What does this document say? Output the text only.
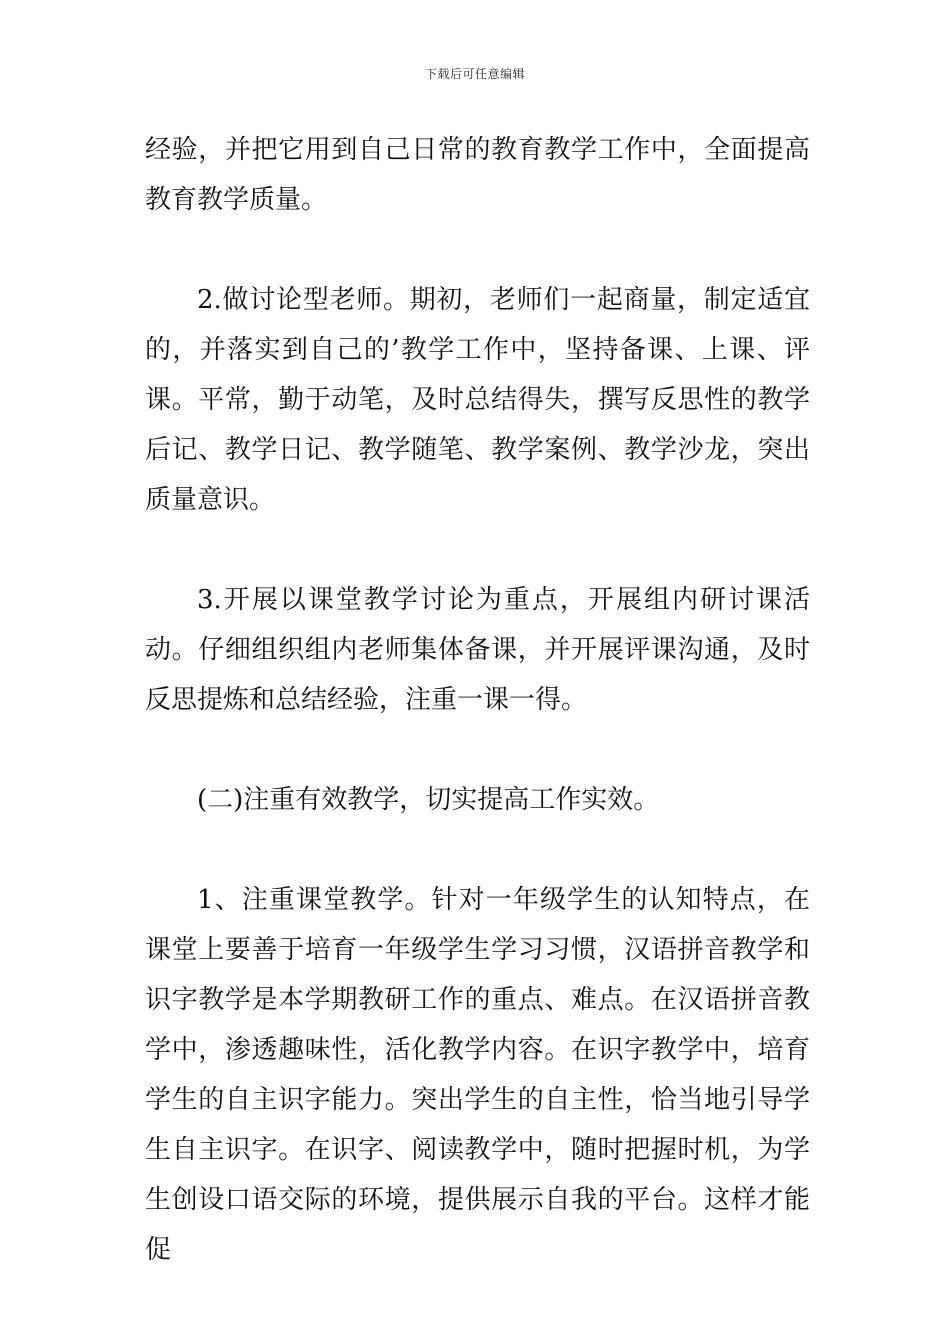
下载后可任意编辑

经验，并把它用到自己日常的教育教学工作中，全面提高教育教学质量。

2.做讨论型老师。期初，老师们一起商量，制定适宜的，并落实到自己的’教学工作中，坚持备课、上课、评课。平常，勤于动笔，及时总结得失，撰写反思性的教学后记、教学日记、教学随笔、教学案例、教学沙龙，突出质量意识。

3.开展以课堂教学讨论为重点，开展组内研讨课活动。仔细组织组内老师集体备课，并开展评课沟通，及时反思提炼和总结经验，注重一课一得。

(二)注重有效教学，切实提高工作实效。

1、注重课堂教学。针对一年级学生的认知特点，在课堂上要善于培育一年级学生学习习惯，汉语拼音教学和识字教学是本学期教研工作的重点、难点。在汉语拼音教学中，渗透趣味性，活化教学内容。在识字教学中，培育学生的自主识字能力。突出学生的自主性，恰当地引导学生自主识字。在识字、阅读教学中，随时把握时机，为学生创设口语交际的环境，提供展示自我的平台。这样才能促
